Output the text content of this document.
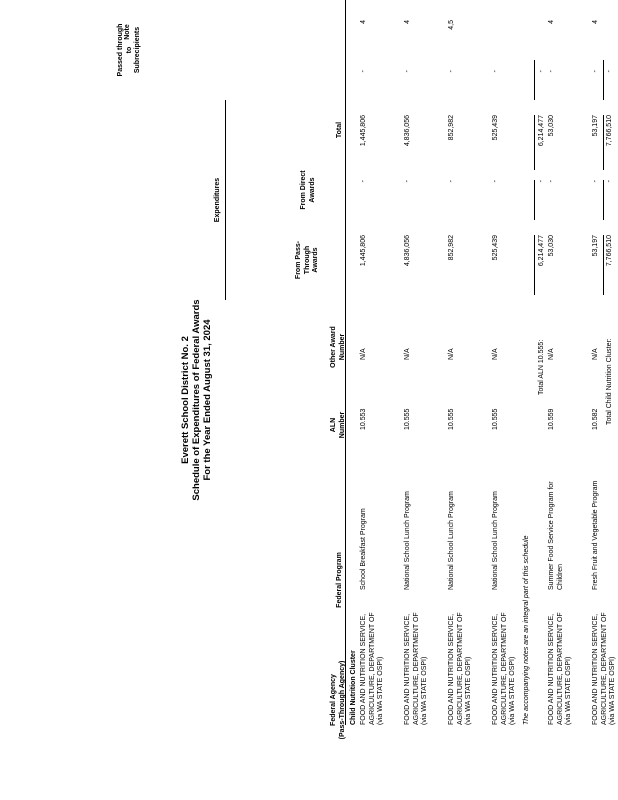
Everett School District No. 2 Schedule of Expenditures of Federal Awards For the Year Ended August 31, 2024
Federal Agency
(Pass-Through Agency)
Federal Program
ALN
Number
Other Award
Number
Expenditures
From Pass-
Through
Awards
From Direct
Awards
Total
Passed through
to
Subrecipients
Note
Child Nutrition Cluster FOOD AND NUTRITION SERVICE, AGRICULTURE, DEPARTMENT OF (via WA STATE OSPI)
School Breakfast Program
10.553
N/A
1,445,806
-
1,445,806
-
4
FOOD AND NUTRITION SERVICE, AGRICULTURE, DEPARTMENT OF (via WA STATE OSPI)
National School Lunch Program
10.555
N/A
4,836,056
-
4,836,056
-
4
FOOD AND NUTRITION SERVICE, AGRICULTURE, DEPARTMENT OF (via WA STATE OSPI)
National School Lunch Program
10.555
N/A
852,982
-
852,982
-
4,5
FOOD AND NUTRITION SERVICE, AGRICULTURE, DEPARTMENT OF (via WA STATE OSPI)
National School Lunch Program
10.555
N/A
525,439
-
525,439
-
Total ALN 10.555:
6,214,477
-
6,214,477
-
FOOD AND NUTRITION SERVICE, AGRICULTURE, DEPARTMENT OF (via WA STATE OSPI)
Summer Food Service Program for Children
10.559
N/A
53,030
-
53,030
-
4
FOOD AND NUTRITION SERVICE, AGRICULTURE, DEPARTMENT OF (via WA STATE OSPI)
Fresh Fruit and Vegetable Program
10.582
N/A
53,197
-
53,197
-
4
Total Child Nutrition Cluster:
7,766,510
-
7,766,510
-
The accompanying notes are an integral part of this schedule
